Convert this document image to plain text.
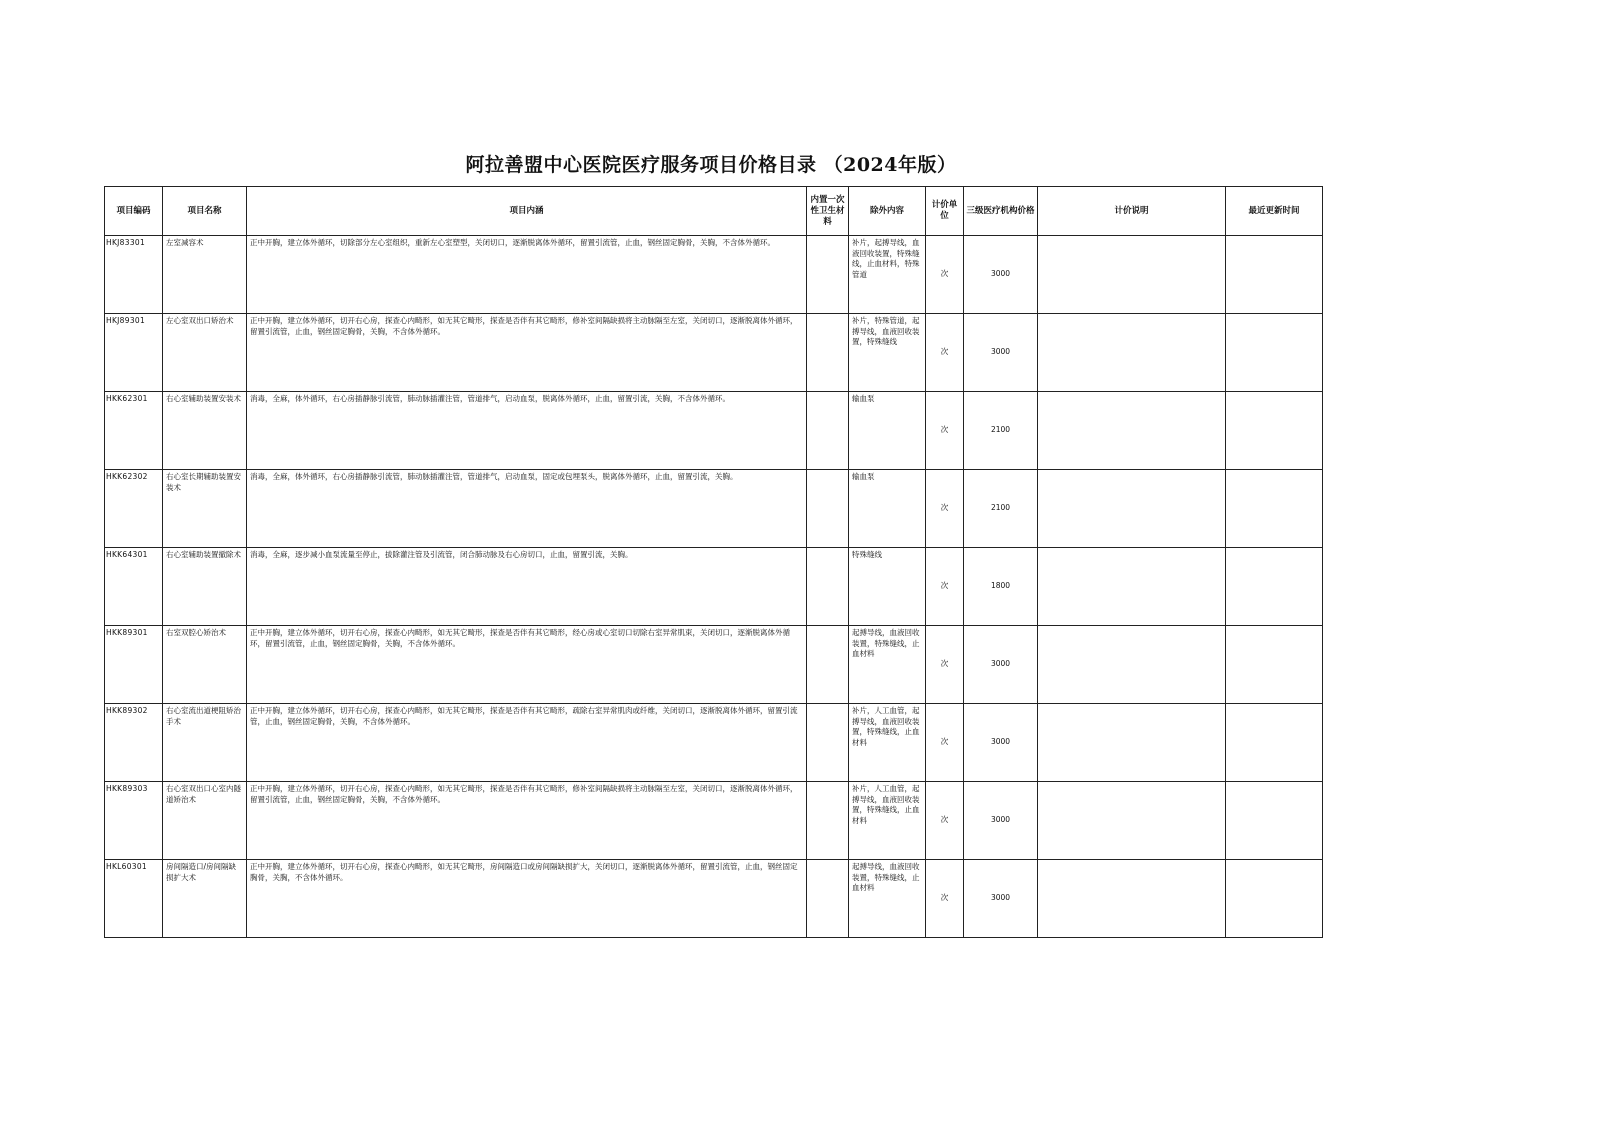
阿拉善盟中心医院医疗服务项目价格目录 （2024年版）
项目编码	项目名称	项目内涵	内置一次性卫生材料	除外内容	计价单位	三级医疗机构价格	计价说明	最近更新时间
HKJ83301	左室减容术	正中开胸，建立体外循环，切除部分左心室组织，重新左心室塑型，关闭切口，逐渐脱离体外循环，留置引流管，止血，钢丝固定胸骨，关胸，不含体外循环。		补片，起搏导线，血液回收装置，特殊缝线，止血材料，特殊管道	次	3000		
HKJ89301	左心室双出口矫治术	正中开胸，建立体外循环，切开右心房，探查心内畸形，如无其它畸形，探查是否伴有其它畸形，修补室间隔缺损将主动脉隔至左室，关闭切口，逐渐脱离体外循环，留置引流管，止血，钢丝固定胸骨，关胸，不含体外循环。		补片，特殊管道，起搏导线，血液回收装置，特殊缝线	次	3000		
HKK62301	右心室辅助装置安装术	消毒，全麻，体外循环，右心房插静脉引流管，肺动脉插灌注管，管道排气，启动血泵，脱离体外循环，止血，留置引流，关胸，不含体外循环。		输血泵	次	2100		
HKK62302	右心室长期辅助装置安装术	消毒，全麻，体外循环，右心房插静脉引流管，肺动脉插灌注管，管道排气，启动血泵，固定或包埋泵头，脱离体外循环，止血，留置引流，关胸。		输血泵	次	2100		
HKK64301	右心室辅助装置撤除术	消毒，全麻，逐步减小血泵流量至停止，拔除灌注管及引流管，闭合肺动脉及右心房切口，止血，留置引流，关胸。		特殊缝线	次	1800		
HKK89301	右室双腔心矫治术	正中开胸，建立体外循环，切开右心房，探查心内畸形，如无其它畸形，探查是否伴有其它畸形，经心房或心室切口切除右室异常肌束，关闭切口，逐渐脱离体外循环，留置引流管，止血，钢丝固定胸骨，关胸，不含体外循环。		起搏导线，血液回收装置，特殊缝线，止血材料	次	3000		
HKK89302	右心室流出道梗阻矫治手术	正中开胸，建立体外循环，切开右心房，探查心内畸形，如无其它畸形，探查是否伴有其它畸形，疏除右室异常肌肉或纤维，关闭切口，逐渐脱离体外循环，留置引流管，止血，钢丝固定胸骨，关胸，不含体外循环。		补片，人工血管，起搏导线，血液回收装置，特殊缝线，止血材料	次	3000		
HKK89303	右心室双出口心室内隧道矫治术	正中开胸，建立体外循环，切开右心房，探查心内畸形，如无其它畸形，探查是否伴有其它畸形，修补室间隔缺损将主动脉隔至左室，关闭切口，逐渐脱离体外循环，留置引流管，止血，钢丝固定胸骨，关胸，不含体外循环。		补片，人工血管，起搏导线，血液回收装置，特殊缝线，止血材料	次	3000		
HKL60301	房间隔造口/房间隔缺损扩大术	正中开胸，建立体外循环，切开右心房，探查心内畸形，如无其它畸形，房间隔造口或房间隔缺损扩大，关闭切口，逐渐脱离体外循环，留置引流管，止血，钢丝固定胸骨，关胸，不含体外循环。		起搏导线，血液回收装置，特殊缝线，止血材料	次	3000		
